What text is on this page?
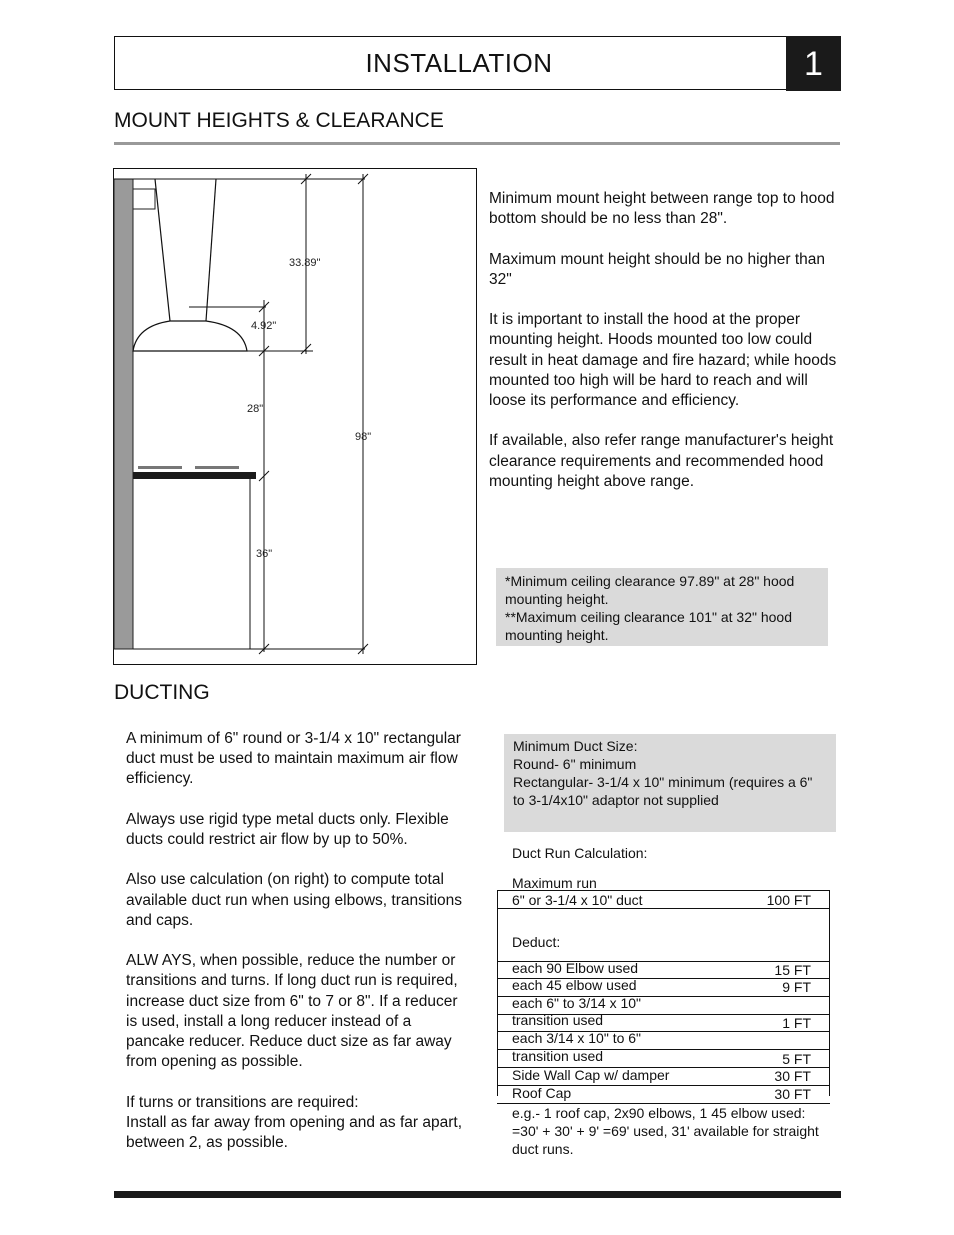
INSTALLATION	1
MOUNT HEIGHTS & CLEARANCE
33.89"
4.92"
28"
98"
36"

Minimum mount height between range top to hood bottom should be no less than 28".

Maximum mount height should be no higher than 32"

It is important to install the hood at the proper mounting height. Hoods mounted too low could result in heat damage and fire hazard; while hoods mounted too high will be hard to reach and will loose its performance and efficiency.

If available, also refer range manufacturer's height clearance requirements and recommended hood mounting height above range.

*Minimum ceiling clearance 97.89" at 28" hood mounting height.
**Maximum ceiling clearance 101" at 32" hood mounting height.
DUCTING

A minimum of 6" round or 3-1/4 x 10" rectangular duct must be used to maintain maximum air flow efficiency.

Always use rigid type metal ducts only. Flexible ducts could restrict air flow by up to 50%.

Also use calculation (on right) to compute total available duct run when using elbows, transitions and caps.

ALW AYS, when possible, reduce the number or transitions and turns. If long duct run is required, increase duct size from 6" to 7 or 8". If a reducer is used, install a long reducer instead of a pancake reducer. Reduce duct size as far away from opening as possible.

If turns or transitions are required:
Install as far away from opening and as far apart, between 2, as possible.
Minimum Duct Size:
Round- 6" minimum
Rectangular- 3-1/4 x 10" minimum (requires a 6" to 3-1/4x10" adaptor not supplied
Duct Run Calculation:
Maximum run
6" or 3-1/4 x 10" duct	100 FT
Deduct:
each 90 Elbow used	15 FT
each 45 elbow used	9 FT
each 6" to 3/14 x 10"
transition used	1 FT
each 3/14 x 10" to 6"
transition used	5 FT
Side Wall Cap w/ damper	30 FT
Roof Cap	30 FT
e.g.- 1 roof cap, 2x90 elbows, 1 45 elbow used: =30' + 30' + 9' =69' used, 31' available for straight duct runs.
